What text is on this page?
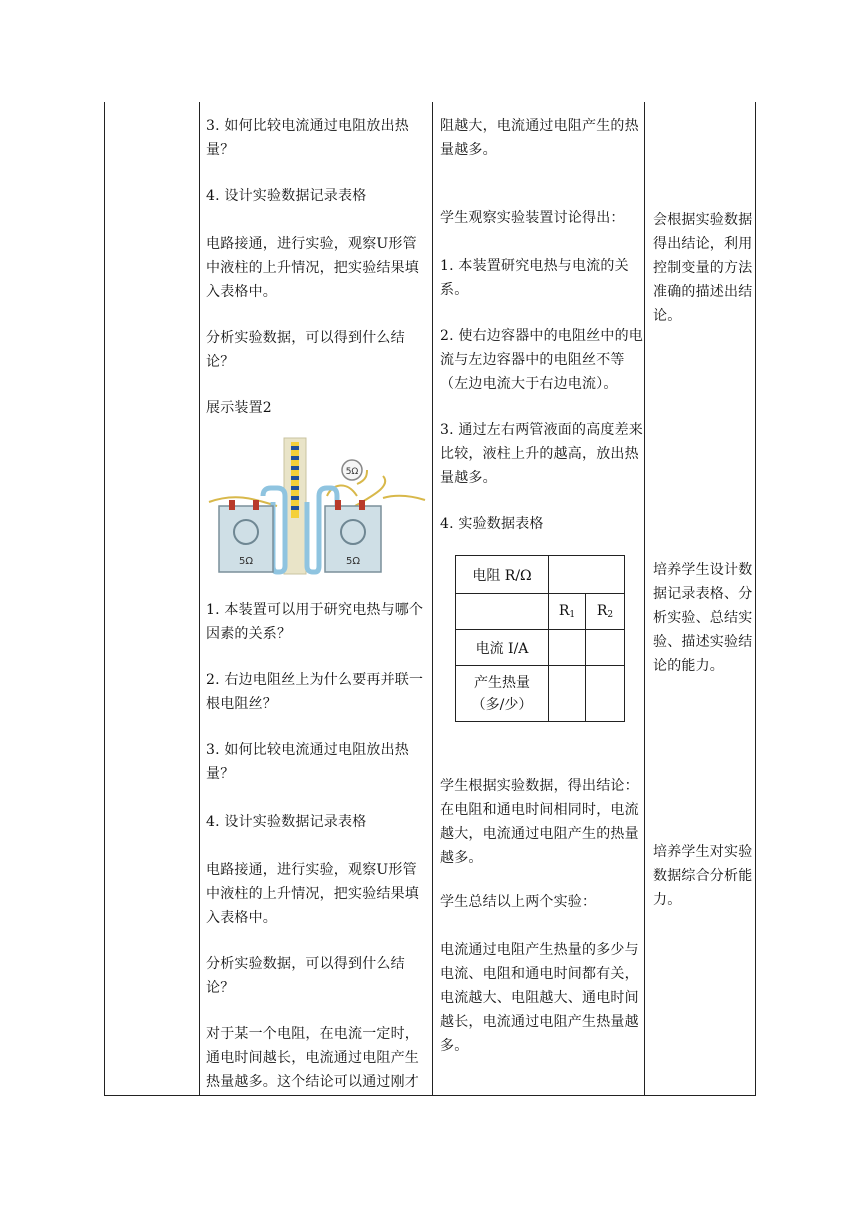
3. 如何比较电流通过电阻放出热量？
4. 设计实验数据记录表格
电路接通，进行实验，观察U形管中液柱的上升情况，把实验结果填入表格中。
分析实验数据，可以得到什么结论？
展示装置2
5Ω	5Ω
5Ω
1. 本装置可以用于研究电热与哪个因素的关系？
2. 右边电阻丝上为什么要再并联一根电阻丝？
3. 如何比较电流通过电阻放出热量？
4. 设计实验数据记录表格
电路接通，进行实验，观察U形管中液柱的上升情况，把实验结果填入表格中。
分析实验数据，可以得到什么结论？
对于某一个电阻，在电流一定时，通电时间越长，电流通过电阻产生热量越多。这个结论可以通过刚才
阻越大，电流通过电阻产生的热量越多。
学生观察实验装置讨论得出：
1. 本装置研究电热与电流的关系。
2. 使右边容器中的电阻丝中的电流与左边容器中的电阻丝不等（左边电流大于右边电流）。
3. 通过左右两管液面的高度差来比较，液柱上升的越高，放出热量越多。
4. 实验数据表格
电阻 R/Ω		
	$R_1$	$R_2$
电流 I/A		

产生热量
（多/少）		

学生根据实验数据，得出结论：在电阻和通电时间相同时，电流越大，电流通过电阻产生的热量越多。
学生总结以上两个实验：
电流通过电阻产生热量的多少与电流、电阻和通电时间都有关，电流越大、电阻越大、通电时间越长，电流通过电阻产生热量越多。
会根据实验数据得出结论，利用控制变量的方法准确的描述出结论。
培养学生设计数据记录表格、分析实验、总结实验、描述实验结论的能力。
培养学生对实验数据综合分析能力。
